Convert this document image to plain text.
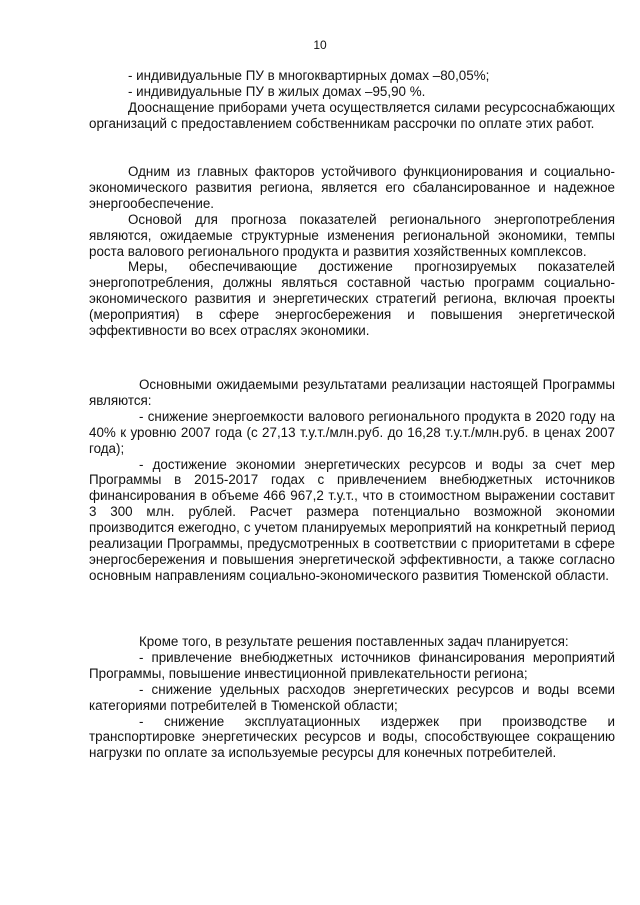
10

- индивидуальные ПУ в многоквартирных домах –80,05%;

- индивидуальные ПУ в жилых домах –95,90 %.

Дооснащение приборами учета осуществляется силами ресурсоснабжающих организаций с предоставлением собственникам рассрочки по оплате этих работ.

Одним из главных факторов устойчивого функционирования и социально-экономического развития региона, является его сбалансированное и надежное энергообеспечение.

Основой для прогноза показателей регионального энергопотребления являются, ожидаемые структурные изменения региональной экономики, темпы роста валового регионального продукта и развития хозяйственных комплексов.

Меры, обеспечивающие достижение прогнозируемых показателей энергопотребления, должны являться составной частью программ социально-экономического развития и энергетических стратегий региона, включая проекты (мероприятия) в сфере энергосбережения и повышения энергетической эффективности во всех отраслях экономики.

Основными ожидаемыми результатами реализации настоящей Программы являются:

- снижение энергоемкости валового регионального продукта в 2020 году на 40% к уровню 2007 года (с 27,13 т.у.т./млн.руб. до 16,28 т.у.т./млн.руб. в ценах 2007 года);

- достижение экономии энергетических ресурсов и воды за счет мер Программы в 2015-2017 годах с привлечением внебюджетных источников финансирования в объеме 466 967,2 т.у.т., что в стоимостном выражении составит 3 300 млн. рублей. Расчет размера потенциально возможной экономии производится ежегодно, с учетом планируемых мероприятий на конкретный период реализации Программы, предусмотренных в соответствии с приоритетами в сфере энергосбережения и повышения энергетической эффективности, а также согласно основным направлениям социально-экономического развития Тюменской области.

Кроме того, в результате решения поставленных задач планируется:

- привлечение внебюджетных источников финансирования мероприятий Программы, повышение инвестиционной привлекательности региона;

- снижение удельных расходов энергетических ресурсов и воды всеми категориями потребителей в Тюменской области;

- снижение эксплуатационных издержек при производстве и транспортировке энергетических ресурсов и воды, способствующее сокращению нагрузки по оплате за используемые ресурсы для конечных потребителей.
